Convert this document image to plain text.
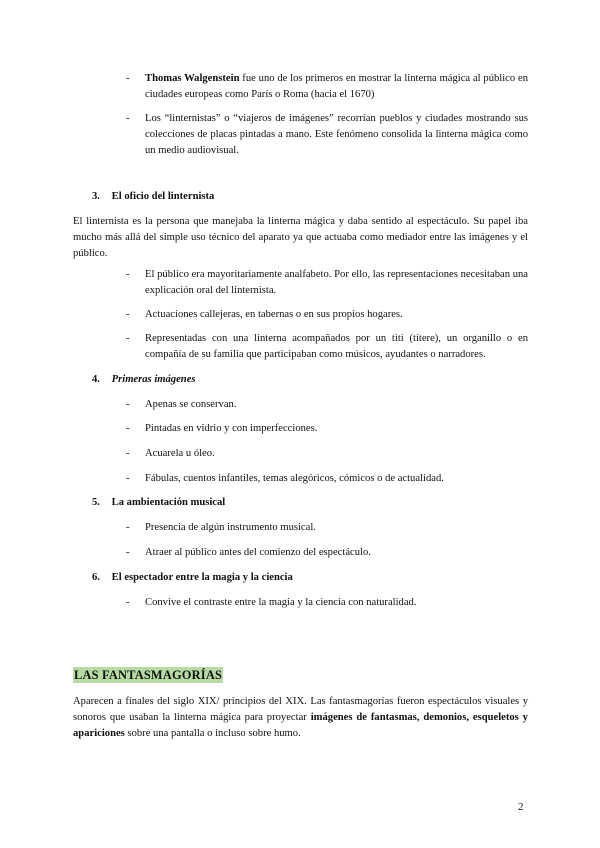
- Thomas Walgenstein fue uno de los primeros en mostrar la linterna mágica al público en ciudades europeas como París o Roma (hacia el 1670)
- Los “linternistas” o “viajeros de imágenes” recorrían pueblos y ciudades mostrando sus colecciones de placas pintadas a mano. Este fenómeno consolida la linterna mágica como un medio audiovisual.
3. El oficio del linternista
El linternista es la persona que manejaba la linterna mágica y daba sentido al espectáculo. Su papel iba mucho más allá del simple uso técnico del aparato ya que actuaba como mediador entre las imágenes y el público.
- El público era mayoritariamente analfabeto. Por ello, las representaciones necesitaban una explicación oral del linternista.
- Actuaciones callejeras, en tabernas o en sus propios hogares.
- Representadas con una linterna acompañados por un tití (títere), un organillo o en compañía de su familia que participaban como músicos, ayudantes o narradores.
4. Primeras imágenes
- Apenas se conservan.
- Pintadas en vidrio y con imperfecciones.
- Acuarela u óleo.
- Fábulas, cuentos infantiles, temas alegóricos, cómicos o de actualidad.
5. La ambientación musical
- Presencia de algún instrumento musical.
- Atraer al público antes del comienzo del espectáculo.
6. El espectador entre la magia y la ciencia
- Convive el contraste entre la magia y la ciencia con naturalidad.
LAS FANTASMAGORÍAS
Aparecen a finales del siglo XIX/ principios del XIX. Las fantasmagorías fueron espectáculos visuales y sonoros que usaban la linterna mágica para proyectar imágenes de fantasmas, demonios, esqueletos y apariciones sobre una pantalla o incluso sobre humo.
2
